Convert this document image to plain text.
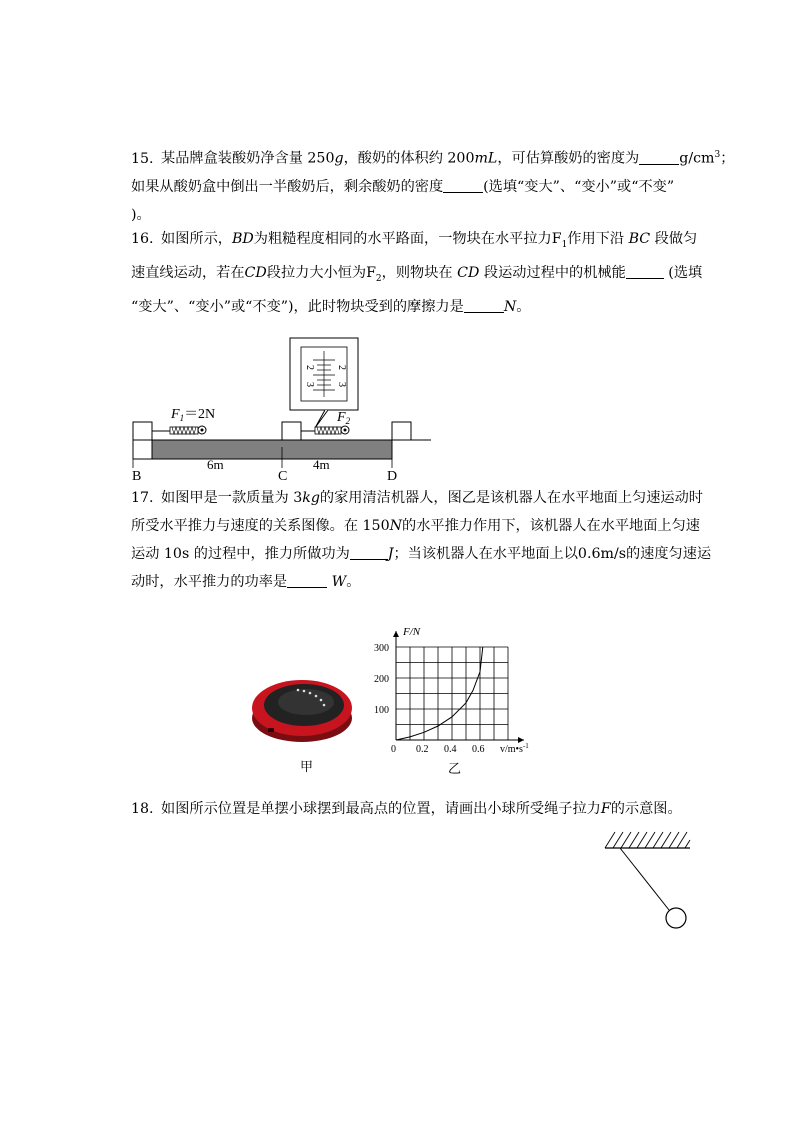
15. 某品牌盒装酸奶净含量 250g，酸奶的体积约 200mL，可估算酸奶的密度为	$g/cm^3$；

如果从酸奶盒中倒出一半酸奶后，剩余酸奶的密度	(选填“变大”、“变小”或“不变”

)。

16. 如图所示，BD为粗糙程度相同的水平路面，一物块在水平拉力$F_1$作用下沿 BC 段做匀

速直线运动，若在CD段拉力大小恒为$F_2$，则物块在 CD 段运动过程中的机械能	(选填

“变大”、“变小”或“不变”)，此时物块受到的摩擦力是	N。

2
3
2
3
$F_1=2N$	$F_2$
6m	4m
B	C	D

17. 如图甲是一款质量为 3kg的家用清洁机器人，图乙是该机器人在水平地面上匀速运动时

所受水平推力与速度的关系图像。在 150N的水平推力作用下，该机器人在水平地面上匀速

运动 10s 的过程中，推力所做功为	J；当该机器人在水平地面上以0.6m/s的速度匀速运

动时，水平推力的功率是	W。

甲
0 0.2 0.4 0.6
100
200
300
F/N
$v/m•s^{-1}$
乙

18. 如图所示位置是单摆小球摆到最高点的位置，请画出小球所受绳子拉力F的示意图。
